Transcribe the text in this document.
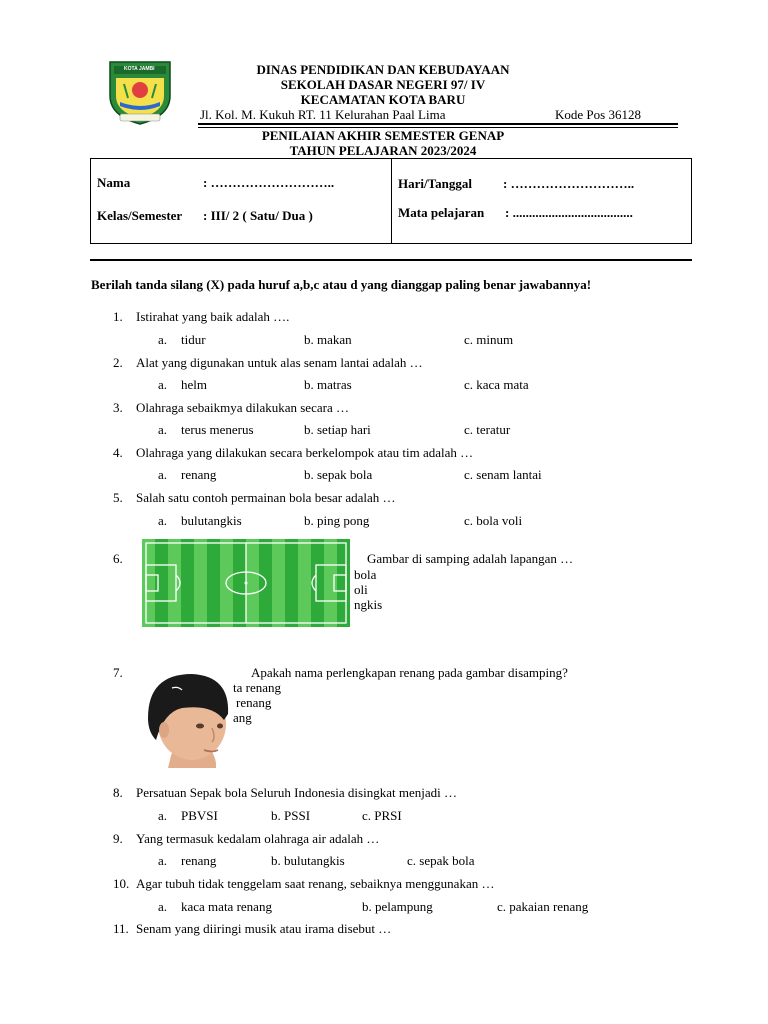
KOTA JAMBI	DINAS PENDIDIKAN DAN KEBUDAYAAN
SEKOLAH DASAR NEGERI 97/ IV
KECAMATAN KOTA BARU
Jl. Kol. M. Kukuh RT. 11 Kelurahan Paal Lima	Kode Pos 36128
PENILAIAN AKHIR SEMESTER GENAP
TAHUN PELAJARAN 2023/2024
Nama	: ………………………..
Kelas/Semester : III/ 2 ( Satu/ Dua )
Hari/Tanggal : ………………………..
Mata pelajaran : .....................................
Berilah tanda silang (X) pada huruf a,b,c atau d yang dianggap paling benar jawabannya!
1. Istirahat yang baik adalah ….
a. tidur	b. makan	c. minum
2. Alat yang digunakan untuk alas senam lantai adalah …
a. helm	b. matras	c. kaca mata
3. Olahraga sebaikmya dilakukan secara …
a. terus menerus	b. setiap hari	c. teratur
4. Olahraga yang dilakukan secara berkelompok atau tim adalah …
a. renang	b. sepak bola	c. senam lantai
5. Salah satu contoh permainan bola besar adalah …
a. bulutangkis	b. ping pong	c. bola voli
6.	Gambar di samping adalah lapangan …
bola
oli
ngkis
7.	Apakah nama perlengkapan renang pada gambar disamping?
ta renang
renang
ang
8. Persatuan Sepak bola Seluruh Indonesia disingkat menjadi …
a. PBVSI	b. PSSI	c. PRSI
9. Yang termasuk kedalam olahraga air adalah …
a. renang	b. bulutangkis	c. sepak bola
10. Agar tubuh tidak tenggelam saat renang, sebaiknya menggunakan …
a. kaca mata renang	b. pelampung	c. pakaian renang
11. Senam yang diiringi musik atau irama disebut …
